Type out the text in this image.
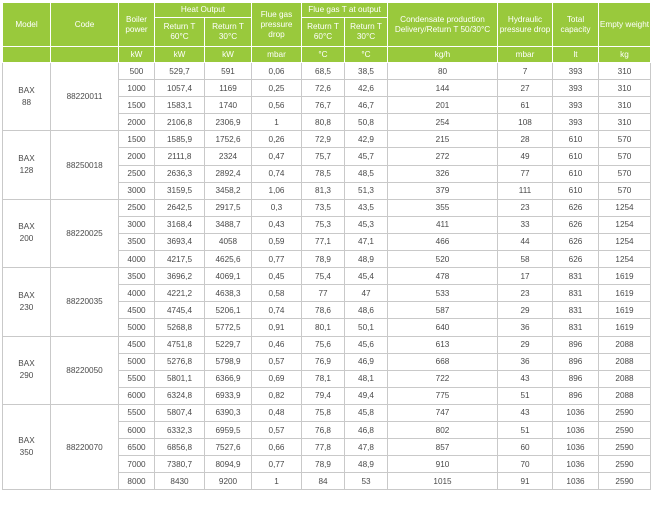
Model	Code	Boiler power	Heat Output		Flue gas pressure drop	Flue gas T at output		Condensate production Delivery/Return T 50/30°C	Hydraulic pressure drop	Total capacity	Empty weight
			Return T 60°C	Return T 30°C		Return T 60°C	Return T 30°C				
		kW	kW	kW	mbar	°C	°C	kg/h	mbar	lt	kg

BAX
88	88220011	500	529,7	591	0,06	68,5	38,5	80	7	393	310
		1000	1057,4	1169	0,25	72,6	42,6	144	27	393	310
		1500	1583,1	1740	0,56	76,7	46,7	201	61	393	310
		2000	2106,8	2306,9	1	80,8	50,8	254	108	393	310

BAX
128	88250018	1500	1585,9	1752,6	0,26	72,9	42,9	215	28	610	570
		2000	2111,8	2324	0,47	75,7	45,7	272	49	610	570
		2500	2636,3	2892,4	0,74	78,5	48,5	326	77	610	570
		3000	3159,5	3458,2	1,06	81,3	51,3	379	111	610	570

BAX
200	88220025	2500	2642,5	2917,5	0,3	73,5	43,5	355	23	626	1254
		3000	3168,4	3488,7	0,43	75,3	45,3	411	33	626	1254
		3500	3693,4	4058	0,59	77,1	47,1	466	44	626	1254
		4000	4217,5	4625,6	0,77	78,9	48,9	520	58	626	1254

BAX
230	88220035	3500	3696,2	4069,1	0,45	75,4	45,4	478	17	831	1619
		4000	4221,2	4638,3	0,58	77	47	533	23	831	1619
		4500	4745,4	5206,1	0,74	78,6	48,6	587	29	831	1619
		5000	5268,8	5772,5	0,91	80,1	50,1	640	36	831	1619

BAX
290	88220050	4500	4751,8	5229,7	0,46	75,6	45,6	613	29	896	2088
		5000	5276,8	5798,9	0,57	76,9	46,9	668	36	896	2088
		5500	5801,1	6366,9	0,69	78,1	48,1	722	43	896	2088
		6000	6324,8	6933,9	0,82	79,4	49,4	775	51	896	2088

BAX
350	88220070	5500	5807,4	6390,3	0,48	75,8	45,8	747	43	1036	2590
		6000	6332,3	6959,5	0,57	76,8	46,8	802	51	1036	2590
		6500	6856,8	7527,6	0,66	77,8	47,8	857	60	1036	2590
		7000	7380,7	8094,9	0,77	78,9	48,9	910	70	1036	2590
		8000	8430	9200	1	84	53	1015	91	1036	2590
